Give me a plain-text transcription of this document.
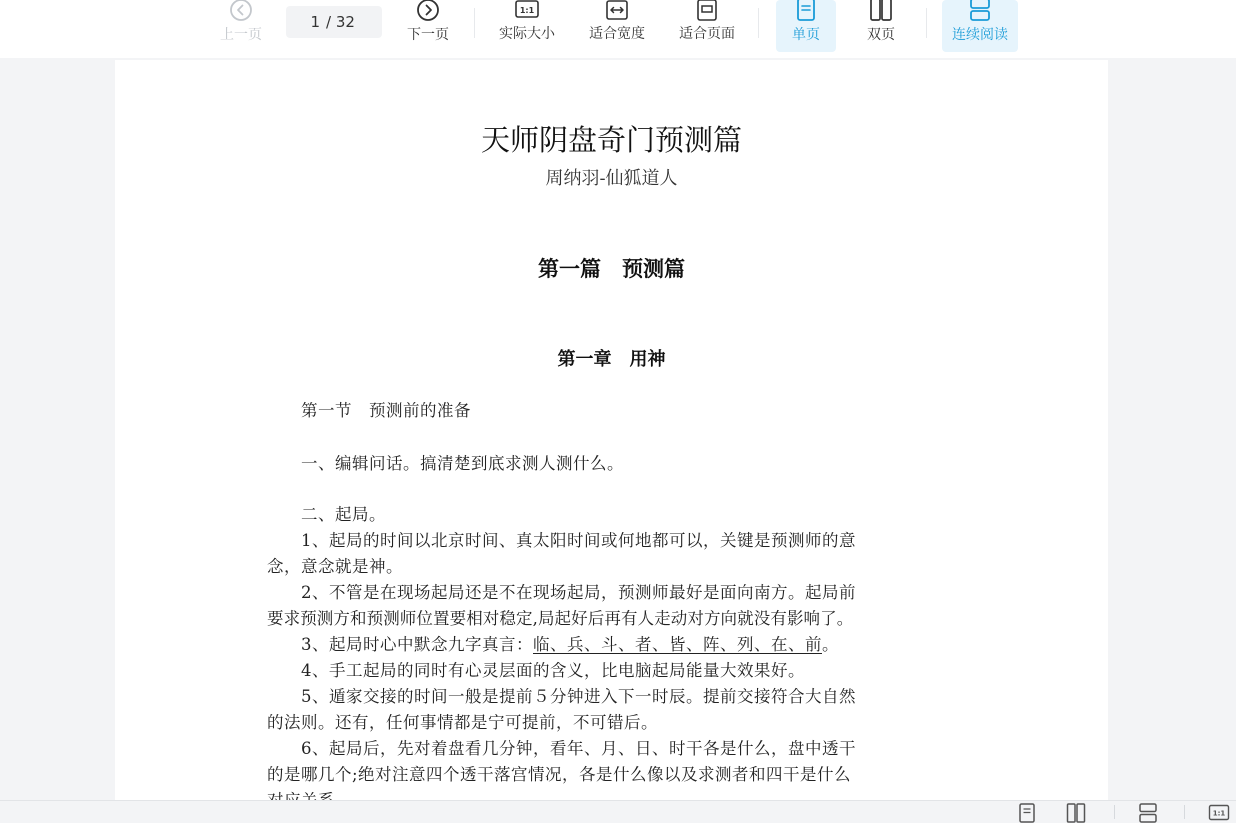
上一页
1
/ 32
下一页
1:1
实际大小 适合宽度 适合页面	单页	双页	连续阅读
天师阴盘奇门预测篇
周纳羽-仙狐道人
第一篇　预测篇
第一章　用神
第一节　预测前的准备
一、编辑问话。搞清楚到底求测人测什么。
二、起局。
1、起局的时间以北京时间、真太阳时间或何地都可以，关键是预测师的意
念，意念就是神。
2、不管是在现场起局还是不在现场起局，预测师最好是面向南方。起局前
要求预测方和预测师位置要相对稳定,局起好后再有人走动对方向就没有影响了。
3、起局时心中默念九字真言：临、兵、斗、者、皆、阵、列、在、前。
4、手工起局的同时有心灵层面的含义，比电脑起局能量大效果好。
5、遁家交接的时间一般是提前５分钟进入下一时辰。提前交接符合大自然
的法则。还有，任何事情都是宁可提前，不可错后。
6、起局后，先对着盘看几分钟，看年、月、日、时干各是什么，盘中透干
的是哪几个;绝对注意四个透干落宫情况，各是什么像以及求测者和四干是什么
1:1
